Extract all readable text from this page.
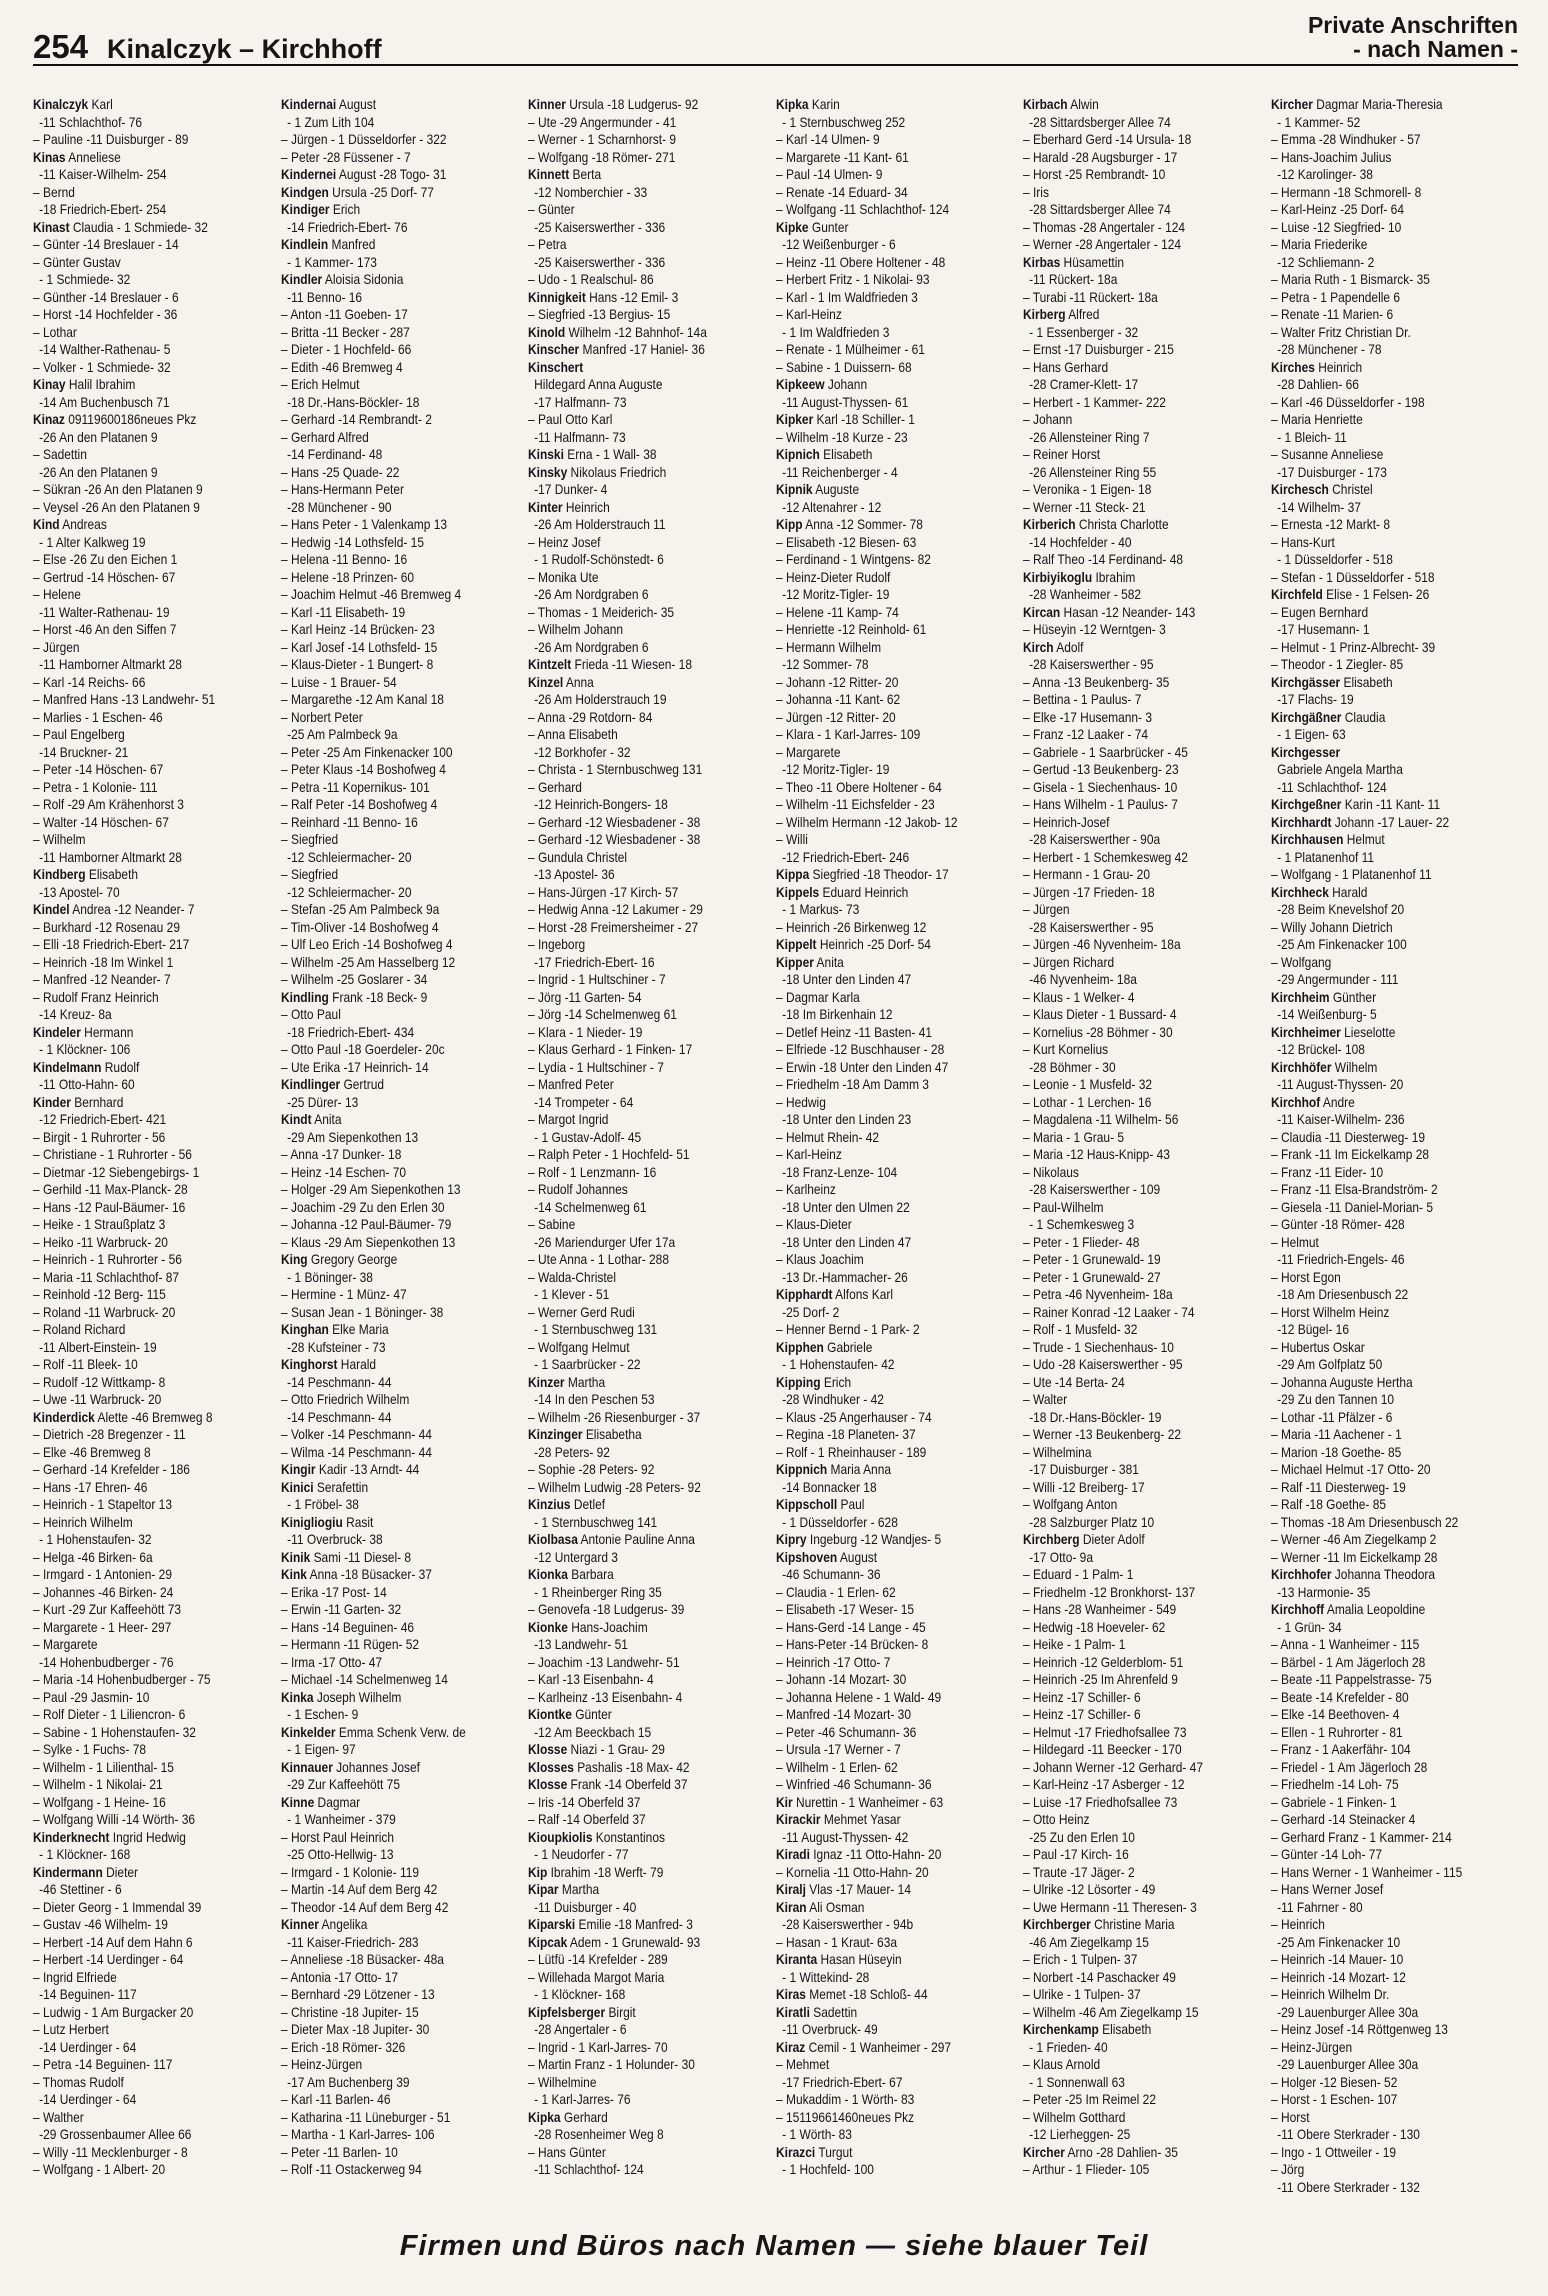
254 Kinalczyk – Kirchhoff
Private Anschriften
- nach Namen -
Kinalczyk Karl
-11 Schlachthof- 76
– Pauline -11 Duisburger - 89
Kinas Anneliese
-11 Kaiser-Wilhelm- 254
– Bernd
-18 Friedrich-Ebert- 254
Kinast Claudia - 1 Schmiede- 32
– Günter -14 Breslauer - 14
– Günter Gustav
- 1 Schmiede- 32
– Günther -14 Breslauer - 6
– Horst -14 Hochfelder - 36
– Lothar
-14 Walther-Rathenau- 5
– Volker - 1 Schmiede- 32
Kinay Halil Ibrahim
-14 Am Buchenbusch 71
Kinaz 09119600186neues Pkz
-26 An den Platanen 9
– Sadettin
-26 An den Platanen 9
– Sükran -26 An den Platanen 9
– Veysel -26 An den Platanen 9
Kind Andreas
- 1 Alter Kalkweg 19
– Else -26 Zu den Eichen 1
– Gertrud -14 Höschen- 67
– Helene
-11 Walter-Rathenau- 19
– Horst -46 An den Siffen 7
– Jürgen
-11 Hamborner Altmarkt 28
– Karl -14 Reichs- 66
– Manfred Hans -13 Landwehr- 51
– Marlies - 1 Eschen- 46
– Paul Engelberg
-14 Bruckner- 21
– Peter -14 Höschen- 67
– Petra - 1 Kolonie- 111
– Rolf -29 Am Krähenhorst 3
– Walter -14 Höschen- 67
– Wilhelm
-11 Hamborner Altmarkt 28
Kindberg Elisabeth
-13 Apostel- 70
Kindel Andrea -12 Neander- 7
– Burkhard -12 Rosenau 29
– Elli -18 Friedrich-Ebert- 217
– Heinrich -18 Im Winkel 1
– Manfred -12 Neander- 7
– Rudolf Franz Heinrich
-14 Kreuz- 8a
Kindeler Hermann
- 1 Klöckner- 106
Kindelmann Rudolf
-11 Otto-Hahn- 60
Kinder Bernhard
-12 Friedrich-Ebert- 421
– Birgit - 1 Ruhrorter - 56
– Christiane - 1 Ruhrorter - 56
– Dietmar -12 Siebengebirgs- 1
– Gerhild -11 Max-Planck- 28
– Hans -12 Paul-Bäumer- 16
– Heike - 1 Straußplatz 3
– Heiko -11 Warbruck- 20
– Heinrich - 1 Ruhrorter - 56
– Maria -11 Schlachthof- 87
– Reinhold -12 Berg- 115
– Roland -11 Warbruck- 20
– Roland Richard
-11 Albert-Einstein- 19
– Rolf -11 Bleek- 10
– Rudolf -12 Wittkamp- 8
– Uwe -11 Warbruck- 20
Kinderdick Alette -46 Bremweg 8
– Dietrich -28 Bregenzer - 11
– Elke -46 Bremweg 8
– Gerhard -14 Krefelder - 186
– Hans -17 Ehren- 46
– Heinrich - 1 Stapeltor 13
– Heinrich Wilhelm
- 1 Hohenstaufen- 32
– Helga -46 Birken- 6a
– Irmgard - 1 Antonien- 29
– Johannes -46 Birken- 24
– Kurt -29 Zur Kaffeehött 73
– Margarete - 1 Heer- 297
– Margarete
-14 Hohenbudberger - 76
– Maria -14 Hohenbudberger - 75
– Paul -29 Jasmin- 10
– Rolf Dieter - 1 Liliencron- 6
– Sabine - 1 Hohenstaufen- 32
– Sylke - 1 Fuchs- 78
– Wilhelm - 1 Lilienthal- 15
– Wilhelm - 1 Nikolai- 21
– Wolfgang - 1 Heine- 16
– Wolfgang Willi -14 Wörth- 36
Kinderknecht Ingrid Hedwig
- 1 Klöckner- 168
Kindermann Dieter
-46 Stettiner - 6
– Dieter Georg - 1 Immendal 39
– Gustav -46 Wilhelm- 19
– Herbert -14 Auf dem Hahn 6
– Herbert -14 Uerdinger - 64
– Ingrid Elfriede
-14 Beguinen- 117
– Ludwig - 1 Am Burgacker 20
– Lutz Herbert
-14 Uerdinger - 64
– Petra -14 Beguinen- 117
– Thomas Rudolf
-14 Uerdinger - 64
– Walther
-29 Grossenbaumer Allee 66
– Willy -11 Mecklenburger - 8
– Wolfgang - 1 Albert- 20
Kindernai August
- 1 Zum Lith 104
– Jürgen - 1 Düsseldorfer - 322
– Peter -28 Füssener - 7
Kindernei August -28 Togo- 31
Kindgen Ursula -25 Dorf- 77
Kindiger Erich
-14 Friedrich-Ebert- 76
Kindlein Manfred
- 1 Kammer- 173
Kindler Aloisia Sidonia
-11 Benno- 16
– Anton -11 Goeben- 17
– Britta -11 Becker - 287
– Dieter - 1 Hochfeld- 66
– Edith -46 Bremweg 4
– Erich Helmut
-18 Dr.-Hans-Böckler- 18
– Gerhard -14 Rembrandt- 2
– Gerhard Alfred
-14 Ferdinand- 48
– Hans -25 Quade- 22
– Hans-Hermann Peter
-28 Münchener - 90
– Hans Peter - 1 Valenkamp 13
– Hedwig -14 Lothsfeld- 15
– Helena -11 Benno- 16
– Helene -18 Prinzen- 60
– Joachim Helmut -46 Bremweg 4
– Karl -11 Elisabeth- 19
– Karl Heinz -14 Brücken- 23
– Karl Josef -14 Lothsfeld- 15
– Klaus-Dieter - 1 Bungert- 8
– Luise - 1 Brauer- 54
– Margarethe -12 Am Kanal 18
– Norbert Peter
-25 Am Palmbeck 9a
– Peter -25 Am Finkenacker 100
– Peter Klaus -14 Boshofweg 4
– Petra -11 Kopernikus- 101
– Ralf Peter -14 Boshofweg 4
– Reinhard -11 Benno- 16
– Siegfried
-12 Schleiermacher- 20
– Siegfried
-12 Schleiermacher- 20
– Stefan -25 Am Palmbeck 9a
– Tim-Oliver -14 Boshofweg 4
– Ulf Leo Erich -14 Boshofweg 4
– Wilhelm -25 Am Hasselberg 12
– Wilhelm -25 Goslarer - 34
Kindling Frank -18 Beck- 9
– Otto Paul
-18 Friedrich-Ebert- 434
– Otto Paul -18 Goerdeler- 20c
– Ute Erika -17 Heinrich- 14
Kindlinger Gertrud
-25 Dürer- 13
Kindt Anita
-29 Am Siepenkothen 13
– Anna -17 Dunker- 18
– Heinz -14 Eschen- 70
– Holger -29 Am Siepenkothen 13
– Joachim -29 Zu den Erlen 30
– Johanna -12 Paul-Bäumer- 79
– Klaus -29 Am Siepenkothen 13
King Gregory George
- 1 Böninger- 38
– Hermine - 1 Münz- 47
– Susan Jean - 1 Böninger- 38
Kinghan Elke Maria
-28 Kufsteiner - 73
Kinghorst Harald
-14 Peschmann- 44
– Otto Friedrich Wilhelm
-14 Peschmann- 44
– Volker -14 Peschmann- 44
– Wilma -14 Peschmann- 44
Kingir Kadir -13 Arndt- 44
Kinici Serafettin
- 1 Fröbel- 38
Kinigliogiu Rasit
-11 Overbruck- 38
Kinik Sami -11 Diesel- 8
Kink Anna -18 Büsacker- 37
– Erika -17 Post- 14
– Erwin -11 Garten- 32
– Hans -14 Beguinen- 46
– Hermann -11 Rügen- 52
– Irma -17 Otto- 47
– Michael -14 Schelmenweg 14
Kinka Joseph Wilhelm
- 1 Eschen- 9
Kinkelder Emma Schenk Verw. de
- 1 Eigen- 97
Kinnauer Johannes Josef
-29 Zur Kaffeehött 75
Kinne Dagmar
- 1 Wanheimer - 379
– Horst Paul Heinrich
-25 Otto-Hellwig- 13
– Irmgard - 1 Kolonie- 119
– Martin -14 Auf dem Berg 42
– Theodor -14 Auf dem Berg 42
Kinner Angelika
-11 Kaiser-Friedrich- 283
– Anneliese -18 Büsacker- 48a
– Antonia -17 Otto- 17
– Bernhard -29 Lötzener - 13
– Christine -18 Jupiter- 15
– Dieter Max -18 Jupiter- 30
– Erich -18 Römer- 326
– Heinz-Jürgen
-17 Am Buchenberg 39
– Karl -11 Barlen- 46
– Katharina -11 Lüneburger - 51
– Martha - 1 Karl-Jarres- 106
– Peter -11 Barlen- 10
– Rolf -11 Ostackerweg 94
Kinner Ursula -18 Ludgerus- 92
– Ute -29 Angermunder - 41
– Werner - 1 Scharnhorst- 9
– Wolfgang -18 Römer- 271
Kinnett Berta
-12 Nomberchier - 33
– Günter
-25 Kaiserswerther - 336
– Petra
-25 Kaiserswerther - 336
– Udo - 1 Realschul- 86
Kinnigkeit Hans -12 Emil- 3
– Siegfried -13 Bergius- 15
Kinold Wilhelm -12 Bahnhof- 14a
Kinscher Manfred -17 Haniel- 36
Kinschert
Hildegard Anna Auguste
-17 Halfmann- 73
– Paul Otto Karl
-11 Halfmann- 73
Kinski Erna - 1 Wall- 38
Kinsky Nikolaus Friedrich
-17 Dunker- 4
Kinter Heinrich
-26 Am Holderstrauch 11
– Heinz Josef
- 1 Rudolf-Schönstedt- 6
– Monika Ute
-26 Am Nordgraben 6
– Thomas - 1 Meiderich- 35
– Wilhelm Johann
-26 Am Nordgraben 6
Kintzelt Frieda -11 Wiesen- 18
Kinzel Anna
-26 Am Holderstrauch 19
– Anna -29 Rotdorn- 84
– Anna Elisabeth
-12 Borkhofer - 32
– Christa - 1 Sternbuschweg 131
– Gerhard
-12 Heinrich-Bongers- 18
– Gerhard -12 Wiesbadener - 38
– Gerhard -12 Wiesbadener - 38
– Gundula Christel
-13 Apostel- 36
– Hans-Jürgen -17 Kirch- 57
– Hedwig Anna -12 Lakumer - 29
– Horst -28 Freimersheimer - 27
– Ingeborg
-17 Friedrich-Ebert- 16
– Ingrid - 1 Hultschiner - 7
– Jörg -11 Garten- 54
– Jörg -14 Schelmenweg 61
– Klara - 1 Nieder- 19
– Klaus Gerhard - 1 Finken- 17
– Lydia - 1 Hultschiner - 7
– Manfred Peter
-14 Trompeter - 64
– Margot Ingrid
- 1 Gustav-Adolf- 45
– Ralph Peter - 1 Hochfeld- 51
– Rolf - 1 Lenzmann- 16
– Rudolf Johannes
-14 Schelmenweg 61
– Sabine
-26 Mariendurger Ufer 17a
– Ute Anna - 1 Lothar- 288
– Walda-Christel
- 1 Klever - 51
– Werner Gerd Rudi
- 1 Sternbuschweg 131
– Wolfgang Helmut
- 1 Saarbrücker - 22
Kinzer Martha
-14 In den Peschen 53
– Wilhelm -26 Riesenburger - 37
Kinzinger Elisabetha
-28 Peters- 92
– Sophie -28 Peters- 92
– Wilhelm Ludwig -28 Peters- 92
Kinzius Detlef
- 1 Sternbuschweg 141
Kiolbasa Antonie Pauline Anna
-12 Untergard 3
Kionka Barbara
- 1 Rheinberger Ring 35
– Genovefa -18 Ludgerus- 39
Kionke Hans-Joachim
-13 Landwehr- 51
– Joachim -13 Landwehr- 51
– Karl -13 Eisenbahn- 4
– Karlheinz -13 Eisenbahn- 4
Kiontke Günter
-12 Am Beeckbach 15
Klosse Niazi - 1 Grau- 29
Klosses Pashalis -18 Max- 42
Klosse Frank -14 Oberfeld 37
– Iris -14 Oberfeld 37
– Ralf -14 Oberfeld 37
Kioupkiolis Konstantinos
- 1 Neudorfer - 77
Kip Ibrahim -18 Werft- 79
Kipar Martha
-11 Duisburger - 40
Kiparski Emilie -18 Manfred- 3
Kipcak Adem - 1 Grunewald- 93
– Lütfü -14 Krefelder - 289
– Willehada Margot Maria
- 1 Klöckner- 168
Kipfelsberger Birgit
-28 Angertaler - 6
– Ingrid - 1 Karl-Jarres- 70
– Martin Franz - 1 Holunder- 30
– Wilhelmine
- 1 Karl-Jarres- 76
Kipka Gerhard
-28 Rosenheimer Weg 8
– Hans Günter
-11 Schlachthof- 124
Kipka Karin
- 1 Sternbuschweg 252
– Karl -14 Ulmen- 9
– Margarete -11 Kant- 61
– Paul -14 Ulmen- 9
– Renate -14 Eduard- 34
– Wolfgang -11 Schlachthof- 124
Kipke Gunter
-12 Weißenburger - 6
– Heinz -11 Obere Holtener - 48
– Herbert Fritz - 1 Nikolai- 93
– Karl - 1 Im Waldfrieden 3
– Karl-Heinz
- 1 Im Waldfrieden 3
– Renate - 1 Mülheimer - 61
– Sabine - 1 Duissern- 68
Kipkeew Johann
-11 August-Thyssen- 61
Kipker Karl -18 Schiller- 1
– Wilhelm -18 Kurze - 23
Kipnich Elisabeth
-11 Reichenberger - 4
Kipnik Auguste
-12 Altenahrer - 12
Kipp Anna -12 Sommer- 78
– Elisabeth -12 Biesen- 63
– Ferdinand - 1 Wintgens- 82
– Heinz-Dieter Rudolf
-12 Moritz-Tigler- 19
– Helene -11 Kamp- 74
– Henriette -12 Reinhold- 61
– Hermann Wilhelm
-12 Sommer- 78
– Johann -12 Ritter- 20
– Johanna -11 Kant- 62
– Jürgen -12 Ritter- 20
– Klara - 1 Karl-Jarres- 109
– Margarete
-12 Moritz-Tigler- 19
– Theo -11 Obere Holtener - 64
– Wilhelm -11 Eichsfelder - 23
– Wilhelm Hermann -12 Jakob- 12
– Willi
-12 Friedrich-Ebert- 246
Kippa Siegfried -18 Theodor- 17
Kippels Eduard Heinrich
- 1 Markus- 73
– Heinrich -26 Birkenweg 12
Kippelt Heinrich -25 Dorf- 54
Kipper Anita
-18 Unter den Linden 47
– Dagmar Karla
-18 Im Birkenhain 12
– Detlef Heinz -11 Basten- 41
– Elfriede -12 Buschhauser - 28
– Erwin -18 Unter den Linden 47
– Friedhelm -18 Am Damm 3
– Hedwig
-18 Unter den Linden 23
– Helmut Rhein- 42
– Karl-Heinz
-18 Franz-Lenze- 104
– Karlheinz
-18 Unter den Ulmen 22
– Klaus-Dieter
-18 Unter den Linden 47
– Klaus Joachim
-13 Dr.-Hammacher- 26
Kipphardt Alfons Karl
-25 Dorf- 2
– Henner Bernd - 1 Park- 2
Kipphen Gabriele
- 1 Hohenstaufen- 42
Kipping Erich
-28 Windhuker - 42
– Klaus -25 Angerhauser - 74
– Regina -18 Planeten- 37
– Rolf - 1 Rheinhauser - 189
Kippnich Maria Anna
-14 Bonnacker 18
Kippscholl Paul
- 1 Düsseldorfer - 628
Kipry Ingeburg -12 Wandjes- 5
Kipshoven August
-46 Schumann- 36
– Claudia - 1 Erlen- 62
– Elisabeth -17 Weser- 15
– Hans-Gerd -14 Lange - 45
– Hans-Peter -14 Brücken- 8
– Heinrich -17 Otto- 7
– Johann -14 Mozart- 30
– Johanna Helene - 1 Wald- 49
– Manfred -14 Mozart- 30
– Peter -46 Schumann- 36
– Ursula -17 Werner - 7
– Wilhelm - 1 Erlen- 62
– Winfried -46 Schumann- 36
Kir Nurettin - 1 Wanheimer - 63
Kirackir Mehmet Yasar
-11 August-Thyssen- 42
Kiradi Ignaz -11 Otto-Hahn- 20
– Kornelia -11 Otto-Hahn- 20
Kiralj Vlas -17 Mauer- 14
Kiran Ali Osman
-28 Kaiserswerther - 94b
– Hasan - 1 Kraut- 63a
Kiranta Hasan Hüseyin
- 1 Wittekind- 28
Kiras Memet -18 Schloß- 44
Kiratli Sadettin
-11 Overbruck- 49
Kiraz Cemil - 1 Wanheimer - 297
– Mehmet
-17 Friedrich-Ebert- 67
– Mukaddim - 1 Wörth- 83
– 15119661460neues Pkz
- 1 Wörth- 83
Kirazci Turgut
- 1 Hochfeld- 100
Kirbach Alwin
-28 Sittardsberger Allee 74
– Eberhard Gerd -14 Ursula- 18
– Harald -28 Augsburger - 17
– Horst -25 Rembrandt- 10
– Iris
-28 Sittardsberger Allee 74
– Thomas -28 Angertaler - 124
– Werner -28 Angertaler - 124
Kirbas Hüsamettin
-11 Rückert- 18a
– Turabi -11 Rückert- 18a
Kirberg Alfred
- 1 Essenberger - 32
– Ernst -17 Duisburger - 215
– Hans Gerhard
-28 Cramer-Klett- 17
– Herbert - 1 Kammer- 222
– Johann
-26 Allensteiner Ring 7
– Reiner Horst
-26 Allensteiner Ring 55
– Veronika - 1 Eigen- 18
– Werner -11 Steck- 21
Kirberich Christa Charlotte
-14 Hochfelder - 40
– Ralf Theo -14 Ferdinand- 48
Kirbiyikoglu Ibrahim
-28 Wanheimer - 582
Kircan Hasan -12 Neander- 143
– Hüseyin -12 Werntgen- 3
Kirch Adolf
-28 Kaiserswerther - 95
– Anna -13 Beukenberg- 35
– Bettina - 1 Paulus- 7
– Elke -17 Husemann- 3
– Franz -12 Laaker - 74
– Gabriele - 1 Saarbrücker - 45
– Gertud -13 Beukenberg- 23
– Gisela - 1 Siechenhaus- 10
– Hans Wilhelm - 1 Paulus- 7
– Heinrich-Josef
-28 Kaiserswerther - 90a
– Herbert - 1 Schemkesweg 42
– Hermann - 1 Grau- 20
– Jürgen -17 Frieden- 18
– Jürgen
-28 Kaiserswerther - 95
– Jürgen -46 Nyvenheim- 18a
– Jürgen Richard
-46 Nyvenheim- 18a
– Klaus - 1 Welker- 4
– Klaus Dieter - 1 Bussard- 4
– Kornelius -28 Böhmer - 30
– Kurt Kornelius
-28 Böhmer - 30
– Leonie - 1 Musfeld- 32
– Lothar - 1 Lerchen- 16
– Magdalena -11 Wilhelm- 56
– Maria - 1 Grau- 5
– Maria -12 Haus-Knipp- 43
– Nikolaus
-28 Kaiserswerther - 109
– Paul-Wilhelm
- 1 Schemkesweg 3
– Peter - 1 Flieder- 48
– Peter - 1 Grunewald- 19
– Peter - 1 Grunewald- 27
– Petra -46 Nyvenheim- 18a
– Rainer Konrad -12 Laaker - 74
– Rolf - 1 Musfeld- 32
– Trude - 1 Siechenhaus- 10
– Udo -28 Kaiserswerther - 95
– Ute -14 Berta- 24
– Walter
-18 Dr.-Hans-Böckler- 19
– Werner -13 Beukenberg- 22
– Wilhelmina
-17 Duisburger - 381
– Willi -12 Breiberg- 17
– Wolfgang Anton
-28 Salzburger Platz 10
Kirchberg Dieter Adolf
-17 Otto- 9a
– Eduard - 1 Palm- 1
– Friedhelm -12 Bronkhorst- 137
– Hans -28 Wanheimer - 549
– Hedwig -18 Hoeveler- 62
– Heike - 1 Palm- 1
– Heinrich -12 Gelderblom- 51
– Heinrich -25 Im Ahrenfeld 9
– Heinz -17 Schiller- 6
– Heinz -17 Schiller- 6
– Helmut -17 Friedhofsallee 73
– Hildegard -11 Beecker - 170
– Johann Werner -12 Gerhard- 47
– Karl-Heinz -17 Asberger - 12
– Luise -17 Friedhofsallee 73
– Otto Heinz
-25 Zu den Erlen 10
– Paul -17 Kirch- 16
– Traute -17 Jäger- 2
– Ulrike -12 Lösorter - 49
– Uwe Hermann -11 Theresen- 3
Kirchberger Christine Maria
-46 Am Ziegelkamp 15
– Erich - 1 Tulpen- 37
– Norbert -14 Paschacker 49
– Ulrike - 1 Tulpen- 37
– Wilhelm -46 Am Ziegelkamp 15
Kirchenkamp Elisabeth
- 1 Frieden- 40
– Klaus Arnold
- 1 Sonnenwall 63
– Peter -25 Im Reimel 22
– Wilhelm Gotthard
-12 Lierheggen- 25
Kircher Arno -28 Dahlien- 35
– Arthur - 1 Flieder- 105
Kircher Dagmar Maria-Theresia
- 1 Kammer- 52
– Emma -28 Windhuker - 57
– Hans-Joachim Julius
-12 Karolinger- 38
– Hermann -18 Schmorell- 8
– Karl-Heinz -25 Dorf- 64
– Luise -12 Siegfried- 10
– Maria Friederike
-12 Schliemann- 2
– Maria Ruth - 1 Bismarck- 35
– Petra - 1 Papendelle 6
– Renate -11 Marien- 6
– Walter Fritz Christian Dr.
-28 Münchener - 78
Kirches Heinrich
-28 Dahlien- 66
– Karl -46 Düsseldorfer - 198
– Maria Henriette
- 1 Bleich- 11
– Susanne Anneliese
-17 Duisburger - 173
Kirchesch Christel
-14 Wilhelm- 37
– Ernesta -12 Markt- 8
– Hans-Kurt
- 1 Düsseldorfer - 518
– Stefan - 1 Düsseldorfer - 518
Kirchfeld Elise - 1 Felsen- 26
– Eugen Bernhard
-17 Husemann- 1
– Helmut - 1 Prinz-Albrecht- 39
– Theodor - 1 Ziegler- 85
Kirchgässer Elisabeth
-17 Flachs- 19
Kirchgäßner Claudia
- 1 Eigen- 63
Kirchgesser
Gabriele Angela Martha
-11 Schlachthof- 124
Kirchgeßner Karin -11 Kant- 11
Kirchhardt Johann -17 Lauer- 22
Kirchhausen Helmut
- 1 Platanenhof 11
– Wolfgang - 1 Platanenhof 11
Kirchheck Harald
-28 Beim Knevelshof 20
– Willy Johann Dietrich
-25 Am Finkenacker 100
– Wolfgang
-29 Angermunder - 111
Kirchheim Günther
-14 Weißenburg- 5
Kirchheimer Lieselotte
-12 Brückel- 108
Kirchhöfer Wilhelm
-11 August-Thyssen- 20
Kirchhof Andre
-11 Kaiser-Wilhelm- 236
– Claudia -11 Diesterweg- 19
– Frank -11 Im Eickelkamp 28
– Franz -11 Eider- 10
– Franz -11 Elsa-Brandström- 2
– Giesela -11 Daniel-Morian- 5
– Günter -18 Römer- 428
– Helmut
-11 Friedrich-Engels- 46
– Horst Egon
-18 Am Driesenbusch 22
– Horst Wilhelm Heinz
-12 Bügel- 16
– Hubertus Oskar
-29 Am Golfplatz 50
– Johanna Auguste Hertha
-29 Zu den Tannen 10
– Lothar -11 Pfälzer - 6
– Maria -11 Aachener - 1
– Marion -18 Goethe- 85
– Michael Helmut -17 Otto- 20
– Ralf -11 Diesterweg- 19
– Ralf -18 Goethe- 85
– Thomas -18 Am Driesenbusch 22
– Werner -46 Am Ziegelkamp 2
– Werner -11 Im Eickelkamp 28
Kirchhofer Johanna Theodora
-13 Harmonie- 35
Kirchhoff Amalia Leopoldine
- 1 Grün- 34
– Anna - 1 Wanheimer - 115
– Bärbel - 1 Am Jägerloch 28
– Beate -11 Pappelstrasse- 75
– Beate -14 Krefelder - 80
– Elke -14 Beethoven- 4
– Ellen - 1 Ruhrorter - 81
– Franz - 1 Aakerfähr- 104
– Friedel - 1 Am Jägerloch 28
– Friedhelm -14 Loh- 75
– Gabriele - 1 Finken- 1
– Gerhard -14 Steinacker 4
– Gerhard Franz - 1 Kammer- 214
– Günter -14 Loh- 77
– Hans Werner - 1 Wanheimer - 115
– Hans Werner Josef
-11 Fahrner - 80
– Heinrich
-25 Am Finkenacker 10
– Heinrich -14 Mauer- 10
– Heinrich -14 Mozart- 12
– Heinrich Wilhelm Dr.
-29 Lauenburger Allee 30a
– Heinz Josef -14 Röttgenweg 13
– Heinz-Jürgen
-29 Lauenburger Allee 30a
– Holger -12 Biesen- 52
– Horst - 1 Eschen- 107
– Horst
-11 Obere Sterkrader - 130
– Ingo - 1 Ottweiler - 19
– Jörg
-11 Obere Sterkrader - 132
Firmen und Büros nach Namen — siehe blauer Teil
